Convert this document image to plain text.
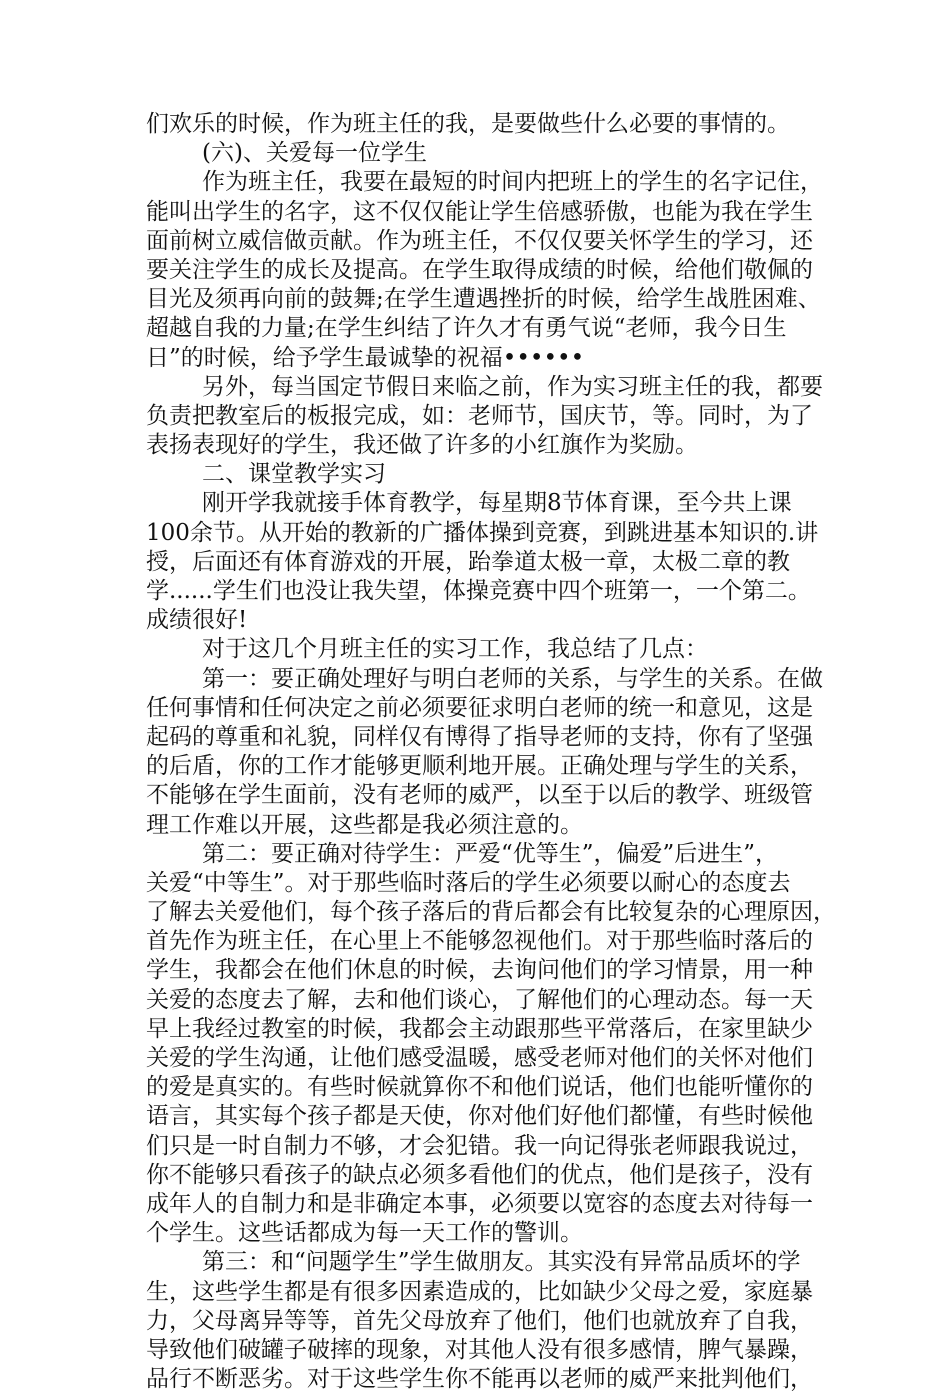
们欢乐的时候，作为班主任的我，是要做些什么必要的事情的。
(六)、关爱每一位学生
作为班主任，我要在最短的时间内把班上的学生的名字记住，
能叫出学生的名字，这不仅仅能让学生倍感骄傲，也能为我在学生
面前树立威信做贡献。作为班主任，不仅仅要关怀学生的学习，还
要关注学生的成长及提高。在学生取得成绩的时候，给他们敬佩的
目光及须再向前的鼓舞;在学生遭遇挫折的时候，给学生战胜困难、
超越自我的力量;在学生纠结了许久才有勇气说“老师，我今日生
日”的时候，给予学生最诚挚的祝福••••••
另外，每当国定节假日来临之前，作为实习班主任的我，都要
负责把教室后的板报完成，如：老师节，国庆节，等。同时，为了
表扬表现好的学生，我还做了许多的小红旗作为奖励。
二、课堂教学实习
刚开学我就接手体育教学，每星期8节体育课，至今共上课
100余节。从开始的教新的广播体操到竞赛，到跳进基本知识的.讲
授，后面还有体育游戏的开展，跆拳道太极一章，太极二章的教
学......学生们也没让我失望，体操竞赛中四个班第一，一个第二。
成绩很好!
对于这几个月班主任的实习工作，我总结了几点：
第一：要正确处理好与明白老师的关系，与学生的关系。在做
任何事情和任何决定之前必须要征求明白老师的统一和意见，这是
起码的尊重和礼貌，同样仅有博得了指导老师的支持，你有了坚强
的后盾，你的工作才能够更顺利地开展。正确处理与学生的关系，
不能够在学生面前，没有老师的威严，以至于以后的教学、班级管
理工作难以开展，这些都是我必须注意的。
第二：要正确对待学生：严爱“优等生”，偏爱”后进生”，
关爱“中等生”。对于那些临时落后的学生必须要以耐心的态度去
了解去关爱他们，每个孩子落后的背后都会有比较复杂的心理原因，
首先作为班主任，在心里上不能够忽视他们。对于那些临时落后的
学生，我都会在他们休息的时候，去询问他们的学习情景，用一种
关爱的态度去了解，去和他们谈心，了解他们的心理动态。每一天
早上我经过教室的时候，我都会主动跟那些平常落后，在家里缺少
关爱的学生沟通，让他们感受温暖，感受老师对他们的关怀对他们
的爱是真实的。有些时候就算你不和他们说话，他们也能听懂你的
语言，其实每个孩子都是天使，你对他们好他们都懂，有些时候他
们只是一时自制力不够，才会犯错。我一向记得张老师跟我说过，
你不能够只看孩子的缺点必须多看他们的优点，他们是孩子，没有
成年人的自制力和是非确定本事，必须要以宽容的态度去对待每一
个学生。这些话都成为每一天工作的警训。
第三：和“问题学生”学生做朋友。其实没有异常品质坏的学
生，这些学生都是有很多因素造成的，比如缺少父母之爱，家庭暴
力，父母离异等等，首先父母放弃了他们，他们也就放弃了自我，
导致他们破罐子破摔的现象，对其他人没有很多感情，脾气暴躁，
品行不断恶劣。对于这些学生你不能再以老师的威严来批判他们，
